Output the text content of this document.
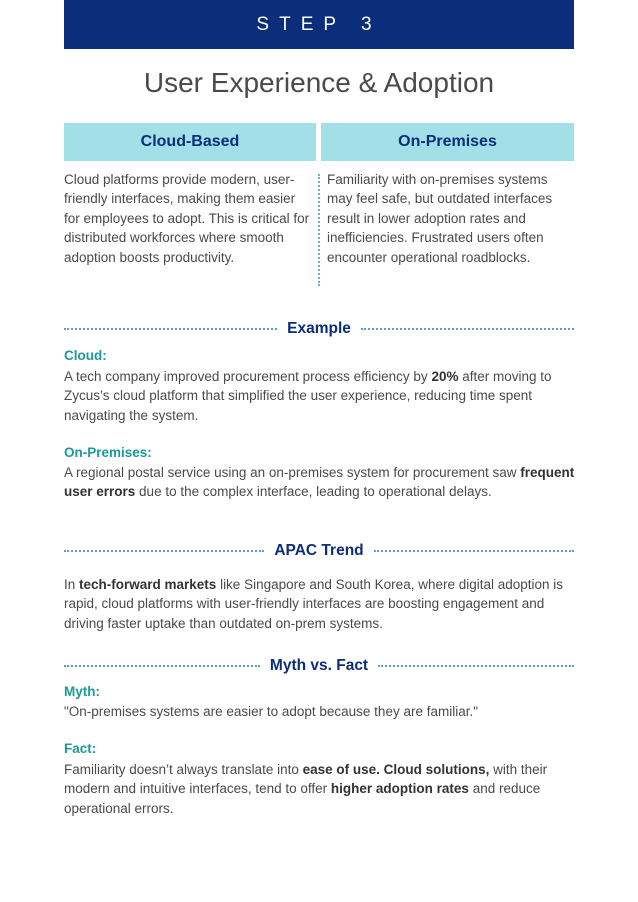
STEP 3
User Experience & Adoption
Cloud-Based	On-Premises
Cloud platforms provide modern, user-friendly interfaces, making them easier for employees to adopt. This is critical for distributed workforces where smooth adoption boosts productivity.
Familiarity with on-premises systems may feel safe, but outdated interfaces result in lower adoption rates and inefficiencies. Frustrated users often encounter operational roadblocks.
Example
Cloud:
A tech company improved procurement process efficiency by 20% after moving to Zycus’s cloud platform that simplified the user experience, reducing time spent navigating the system.
On-Premises:
A regional postal service using an on-premises system for procurement saw frequent user errors due to the complex interface, leading to operational delays.
APAC Trend
In tech-forward markets like Singapore and South Korea, where digital adoption is rapid, cloud platforms with user-friendly interfaces are boosting engagement and driving faster uptake than outdated on-prem systems.
Myth vs. Fact
Myth:
"On-premises systems are easier to adopt because they are familiar."
Fact:
Familiarity doesn’t always translate into ease of use. Cloud solutions, with their modern and intuitive interfaces, tend to offer higher adoption rates and reduce operational errors.
